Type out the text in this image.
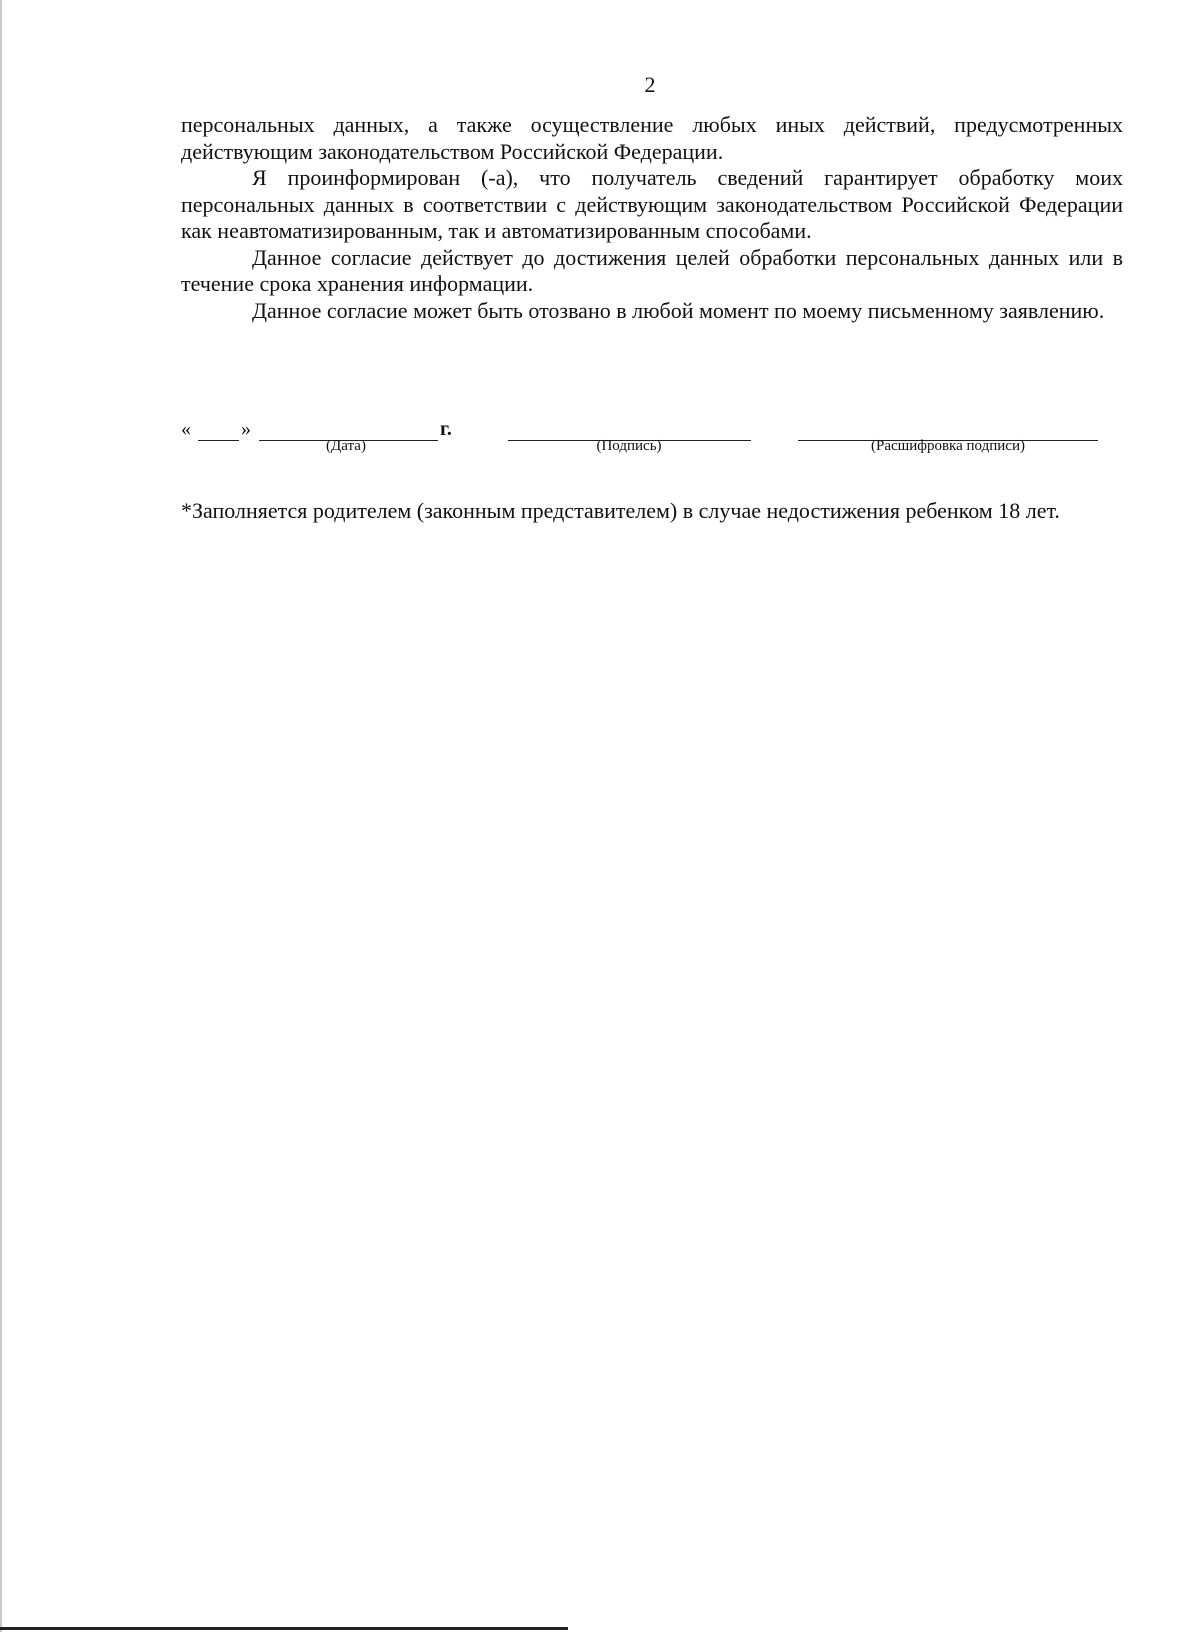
2

персональных данных, а также осуществление любых иных действий, предусмотренных действующим законодательством Российской Федерации.

Я проинформирован (-а), что получатель сведений гарантирует обработку моих персональных данных в соответствии с действующим законодательством Российской Федерации как неавтоматизированным, так и автоматизированным способами.

Данное согласие действует до достижения целей обработки персональных данных или в течение срока хранения информации.

Данное согласие может быть отозвано в любой момент по моему письменному заявлению.

«	»	г.
(Дата)	(Подпись)	(Расшифровка подписи)
*Заполняется родителем (законным представителем) в случае недостижения ребенком 18 лет.
